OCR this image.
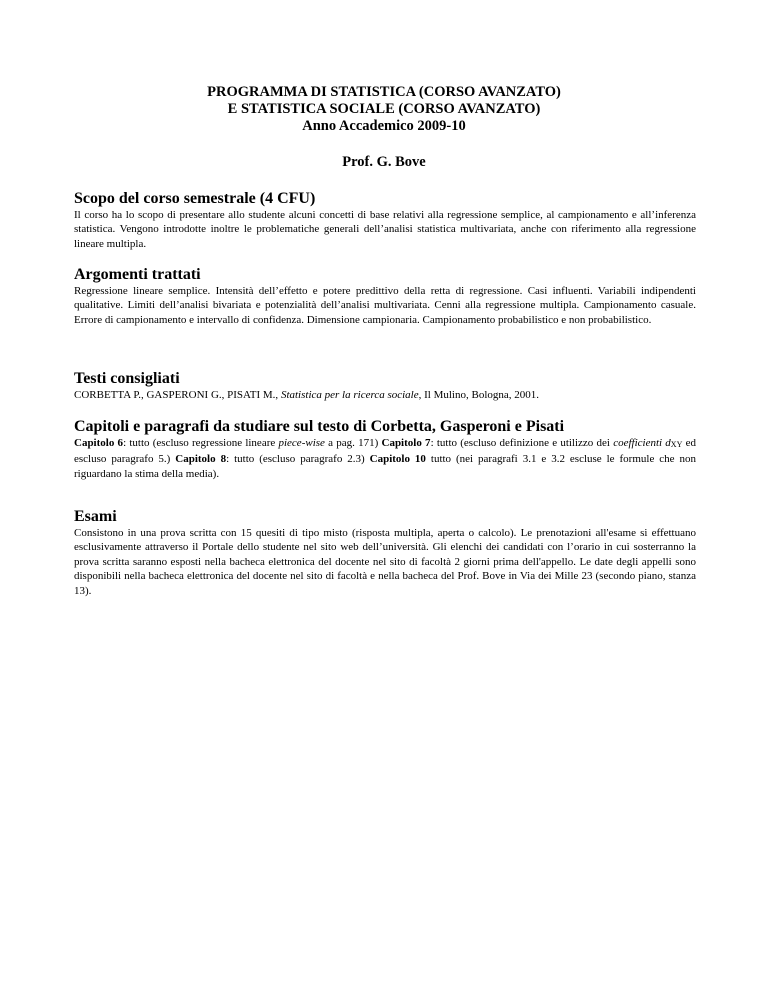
PROGRAMMA DI STATISTICA (CORSO AVANZATO)
E STATISTICA SOCIALE (CORSO AVANZATO)
Anno Accademico 2009-10
Prof. G. Bove
Scopo del corso semestrale (4 CFU)

Il corso ha lo scopo di presentare allo studente alcuni concetti di base relativi alla regressione semplice, al campionamento e all’inferenza statistica. Vengono introdotte inoltre le problematiche generali dell’analisi statistica multivariata, anche con riferimento alla regressione lineare multipla.

Argomenti trattati

Regressione lineare semplice. Intensità dell’effetto e potere predittivo della retta di regressione. Casi influenti. Variabili indipendenti qualitative. Limiti dell’analisi bivariata e potenzialità dell’analisi multivariata. Cenni alla regressione multipla. Campionamento casuale. Errore di campionamento e intervallo di confidenza. Dimensione campionaria. Campionamento probabilistico e non probabilistico.

Testi consigliati

CORBETTA P., GASPERONI G., PISATI M., Statistica per la ricerca sociale, Il Mulino, Bologna, 2001.

Capitoli e paragrafi da studiare sul testo di Corbetta, Gasperoni e Pisati

Capitolo 6: tutto (escluso regressione lineare piece-wise a pag. 171) Capitolo 7: tutto (escluso definizione e utilizzo dei coefficienti $d_{XY}$ ed escluso paragrafo 5.) Capitolo 8: tutto (escluso paragrafo 2.3) Capitolo 10 tutto (nei paragrafi 3.1 e 3.2 escluse le formule che non riguardano la stima della media).

Esami

Consistono in una prova scritta con 15 quesiti di tipo misto (risposta multipla, aperta o calcolo). Le prenotazioni all'esame si effettuano esclusivamente attraverso il Portale dello studente nel sito web dell’università. Gli elenchi dei candidati con l’orario in cui sosterranno la prova scritta saranno esposti nella bacheca elettronica del docente nel sito di facoltà 2 giorni prima dell'appello. Le date degli appelli sono disponibili nella bacheca elettronica del docente nel sito di facoltà e nella bacheca del Prof. Bove in Via dei Mille 23 (secondo piano, stanza 13).
